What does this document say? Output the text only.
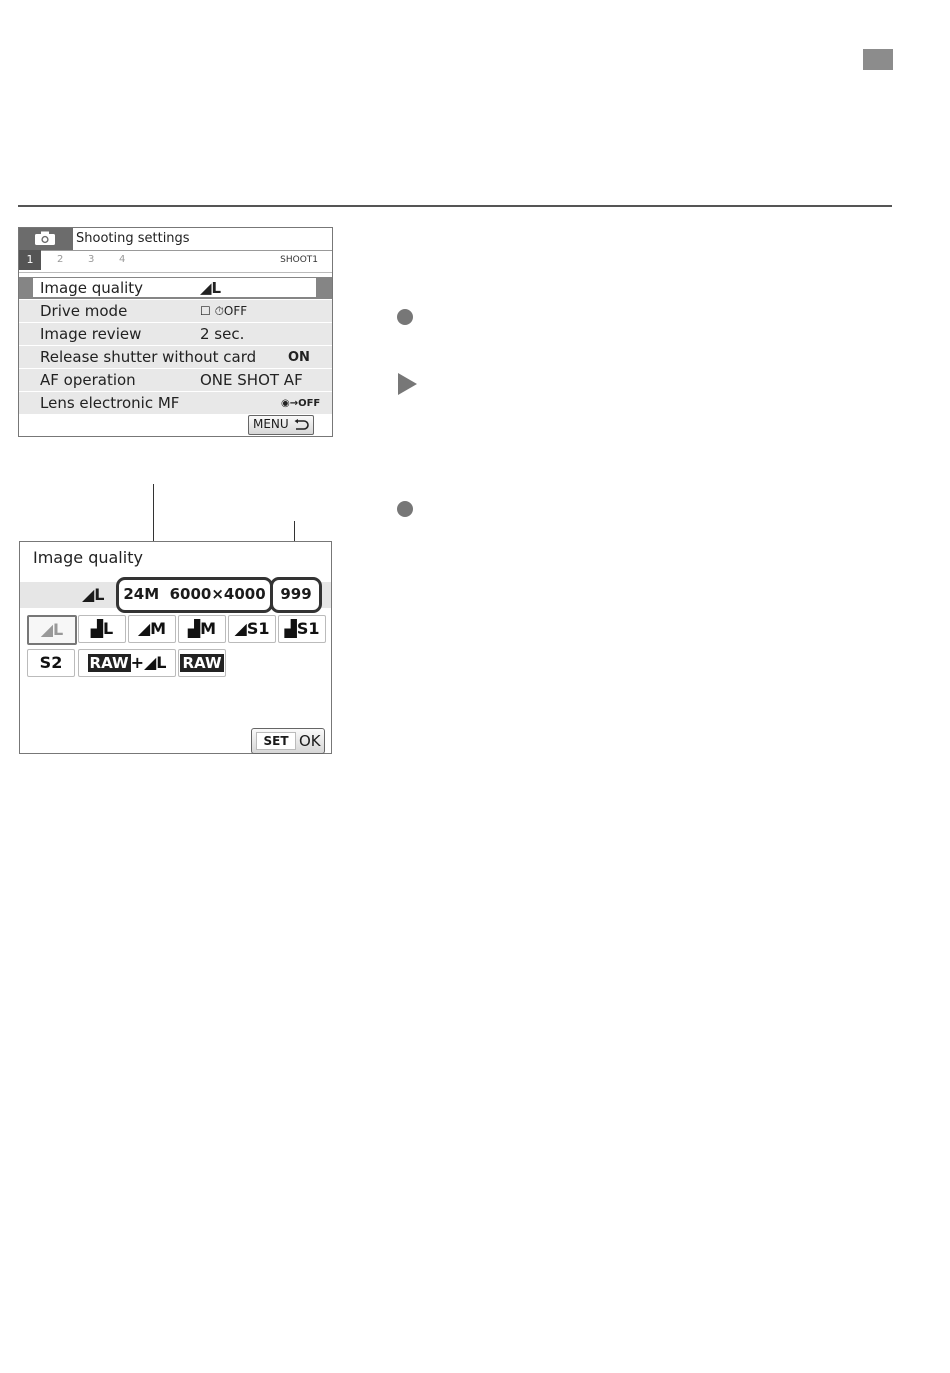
Shooting settings
1	2 3 4	SHOOT1
Image quality	◢L
Drive mode	☐ ⏱OFF
Image review	2 sec.
Release shutter without card ON
AF operation	ONE SHOT AF
Lens electronic MF	◉→OFF
MENU
Image quality
◢L 24M 6000×4000 999
◢L	▟L	◢M	▟M	◢S1 ▟S1
S2	RAW +◢L	RAW
SET OK
